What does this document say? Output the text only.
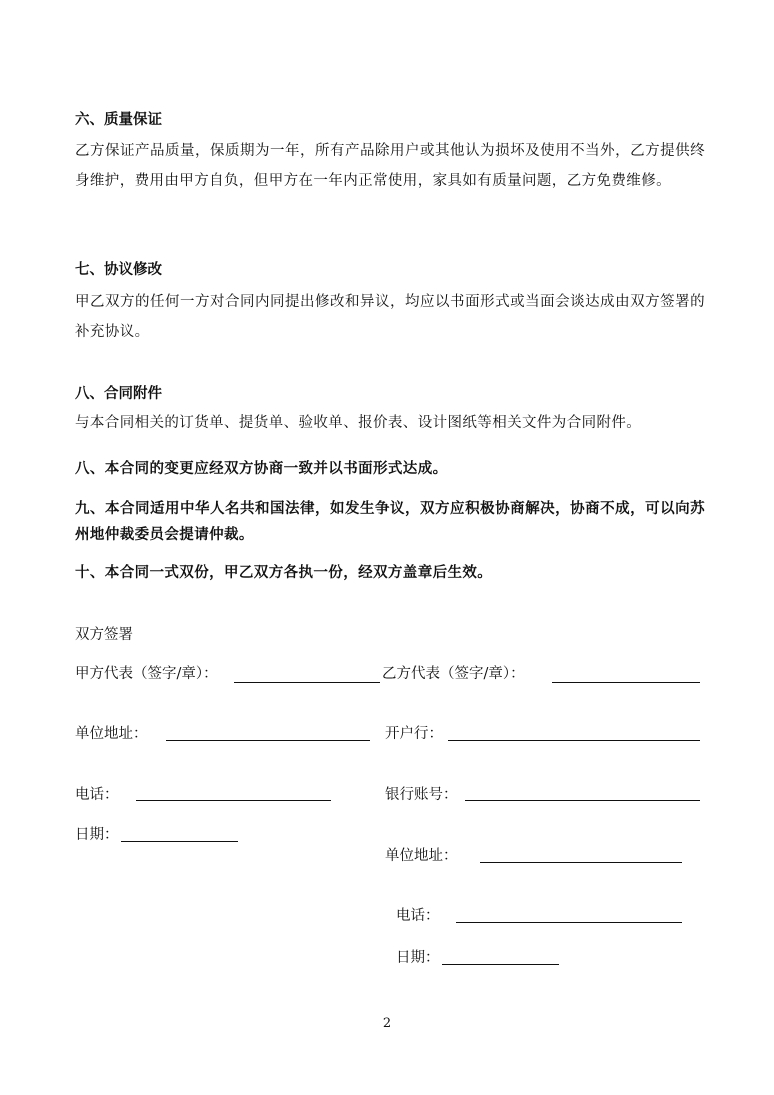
六、质量保证
乙方保证产品质量，保质期为一年，所有产品除用户或其他认为损坏及使用不当外，乙方提供终身维护，费用由甲方自负，但甲方在一年内正常使用，家具如有质量问题，乙方免费维修。
七、协议修改
甲乙双方的任何一方对合同内同提出修改和异议，均应以书面形式或当面会谈达成由双方签署的补充协议。
八、合同附件
与本合同相关的订货单、提货单、验收单、报价表、设计图纸等相关文件为合同附件。
八、本合同的变更应经双方协商一致并以书面形式达成。
九、本合同适用中华人名共和国法律，如发生争议，双方应积极协商解决，协商不成，可以向苏州地仲裁委员会提请仲裁。
十、本合同一式双份，甲乙双方各执一份，经双方盖章后生效。
双方签署
甲方代表（签字/章）：	乙方代表（签字/章）：
单位地址：	开户行：
电话：	银行账号：
日期：
单位地址：
电话：
日期：
2
